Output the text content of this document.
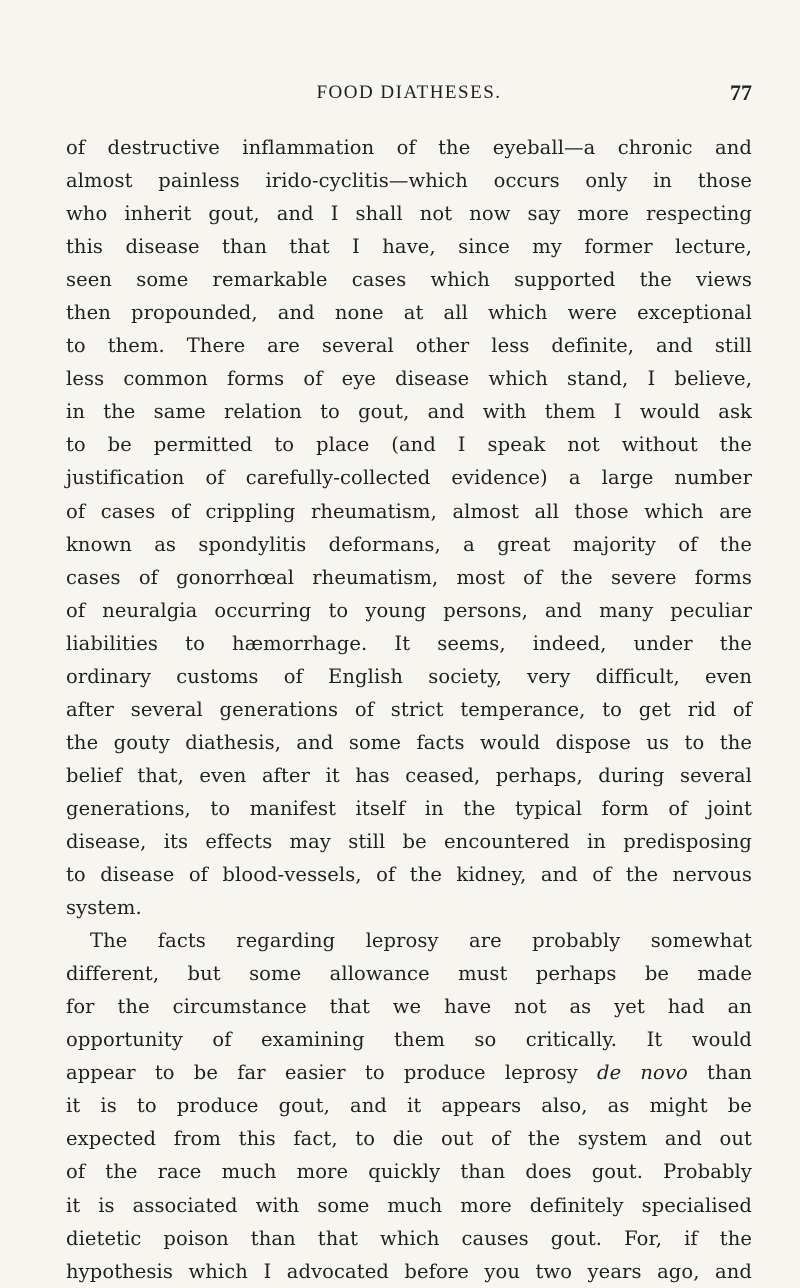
FOOD DIATHESES.	77
of destructive inflammation of the eyeball—a chronic and
almost painless irido-cyclitis—which occurs only in those
who inherit gout, and I shall not now say more respecting
this disease than that I have, since my former lecture,
seen some remarkable cases which supported the views
then propounded, and none at all which were exceptional
to them. There are several other less definite, and still
less common forms of eye disease which stand, I believe,
in the same relation to gout, and with them I would ask
to be permitted to place (and I speak not without the
justification of carefully-collected evidence) a large number
of cases of crippling rheumatism, almost all those which are
known as spondylitis deformans, a great majority of the
cases of gonorrhœal rheumatism, most of the severe forms
of neuralgia occurring to young persons, and many peculiar
liabilities to hæmorrhage. It seems, indeed, under the
ordinary customs of English society, very difficult, even
after several generations of strict temperance, to get rid of
the gouty diathesis, and some facts would dispose us to the
belief that, even after it has ceased, perhaps, during several
generations, to manifest itself in the typical form of joint
disease, its effects may still be encountered in predisposing
to disease of blood-vessels, of the kidney, and of the nervous
system.
The facts regarding leprosy are probably somewhat
different, but some allowance must perhaps be made
for the circumstance that we have not as yet had an
opportunity of examining them so critically. It would
appear to be far easier to produce leprosy de novo than
it is to produce gout, and it appears also, as might be
expected from this fact, to die out of the system and out
of the race much more quickly than does gout. Probably
it is associated with some much more definitely specialised
dietetic poison than that which causes gout. For, if the
hypothesis which I advocated before you two years ago, and
